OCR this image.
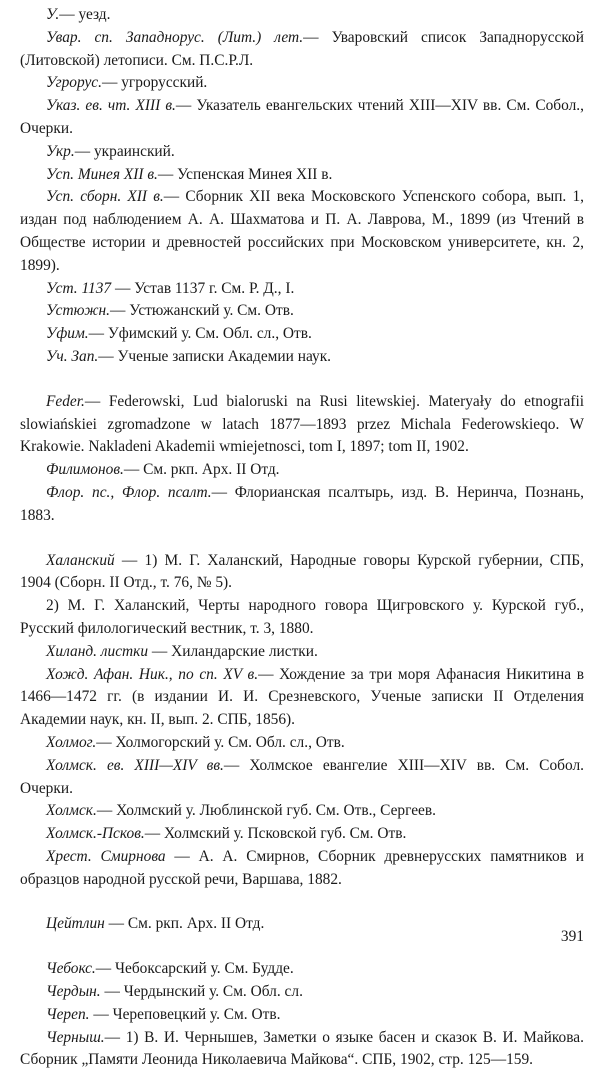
У.— уезд.

Увар. сп. Западнорус. (Лит.) лет.— Уваровский список Западнорусской (Литовской) летописи. См. П.С.Р.Л.

Угрорус.— угрорусский.

Указ. ев. чт. XIII в.— Указатель евангельских чтений XIII—XIV вв. См. Собол., Очерки.

Укр.— украинский.

Усп. Минея XII в.— Успенская Минея XII в.

Усп. сборн. XII в.— Сборник XII века Московского Успенского собора, вып. 1, издан под наблюдением А. А. Шахматова и П. А. Лаврова, М., 1899 (из Чтений в Обществе истории и древностей российских при Московском университете, кн. 2, 1899).

Уст. 1137 — Устав 1137 г. См. Р. Д., I.

Устюжн.— Устюжанский у. См. Отв.

Уфим.— Уфимский у. См. Обл. сл., Отв.

Уч. Зап.— Ученые записки Академии наук.

Feder.— Federowski, Lud bialoruski na Rusi litewskiej. Materyały do etnografii slowiańskiei zgromadzone w latach 1877—1893 przez Michala Federowskieqo. W Krakowie. Nakladeni Akademii wmiejetnosci, tom I, 1897; tom II, 1902.

Филимонов.— См. ркп. Арх. II Отд.

Флор. пс., Флор. псалт.— Флорианская псалтырь, изд. В. Неринча, Познань, 1883.

Халанский — 1) М. Г. Халанский, Народные говоры Курской губернии, СПБ, 1904 (Сборн. II Отд., т. 76, № 5).

2) М. Г. Халанский, Черты народного говора Щигровского у. Курской губ., Русский филологический вестник, т. 3, 1880.

Хиланд. листки — Хиландарские листки.

Хожд. Афан. Ник., по сп. XV в.— Хождение за три моря Афанасия Никитина в 1466—1472 гг. (в издании И. И. Срезневского, Ученые записки II Отделения Академии наук, кн. II, вып. 2. СПБ, 1856).

Холмог.— Холмогорский у. См. Обл. сл., Отв.

Холмск. ев. XIII—XIV вв.— Холмское евангелие XIII—XIV вв. См. Собол. Очерки.

Холмск.— Холмский у. Люблинской губ. См. Отв., Сергеев.

Холмск.-Псков.— Холмский у. Псковской губ. См. Отв.

Хрест. Смирнова — А. А. Смирнов, Сборник древнерусских памятников и образцов народной русской речи, Варшава, 1882.

Цейтлин — См. ркп. Арх. II Отд.

Чебокс.— Чебоксарский у. См. Будде.

Чердын. — Чердынский у. См. Обл. сл.

Череп. — Череповецкий у. См. Отв.

Черныш.— 1) В. И. Чернышев, Заметки о языке басен и сказок В. И. Майкова. Сборник „Памяти Леонида Николаевича Майкова“. СПБ, 1902, стр. 125—159.

391
